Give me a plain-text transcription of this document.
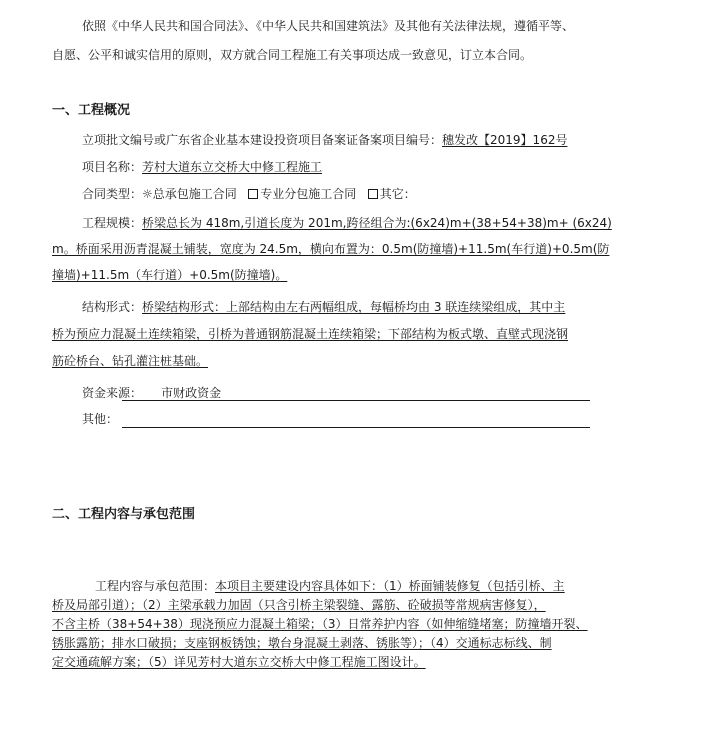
依照《中华人民共和国合同法》、《中华人民共和国建筑法》及其他有关法律法规，遵循平等、
自愿、公平和诚实信用的原则，双方就合同工程施工有关事项达成一致意见，订立本合同。
一、工程概况
立项批文编号或广东省企业基本建设投资项目备案证备案项目编号：穗发改【2019】162号
项目名称：芳村大道东立交桥大中修工程施工
合同类型：☼总承包施工合同 专业分包施工合同 其它：
工程规模：桥梁总长为 418m,引道长度为 201m,跨径组合为:(6x24)m+(38+54+38)m+ (6x24)
m。桥面采用沥青混凝土铺装，宽度为 24.5m，横向布置为：0.5m(防撞墙)+11.5m(车行道)+0.5m(防
撞墙)+11.5m（车行道）+0.5m(防撞墙)。
结构形式：桥梁结构形式：上部结构由左右两幅组成，每幅桥均由 3 联连续梁组成，其中主
桥为预应力混凝土连续箱梁，引桥为普通钢筋混凝土连续箱梁；下部结构为板式墩、直壁式现浇钢
筋砼桥台、钻孔灌注桩基础。
资金来源： 市财政资金
其他：
二、工程内容与承包范围
工程内容与承包范围：本项目主要建设内容具体如下：（1）桥面铺装修复（包括引桥、主
桥及局部引道）；（2）主梁承载力加固（只含引桥主梁裂缝、露筋、砼破损等常规病害修复），
不含主桥（38+54+38）现浇预应力混凝土箱梁；（3）日常养护内容（如伸缩缝堵塞；防撞墙开裂、
锈胀露筋；排水口破损；支座钢板锈蚀；墩台身混凝土剥落、锈胀等）；（4）交通标志标线、制
定交通疏解方案；（5）详见芳村大道东立交桥大中修工程施工图设计。
